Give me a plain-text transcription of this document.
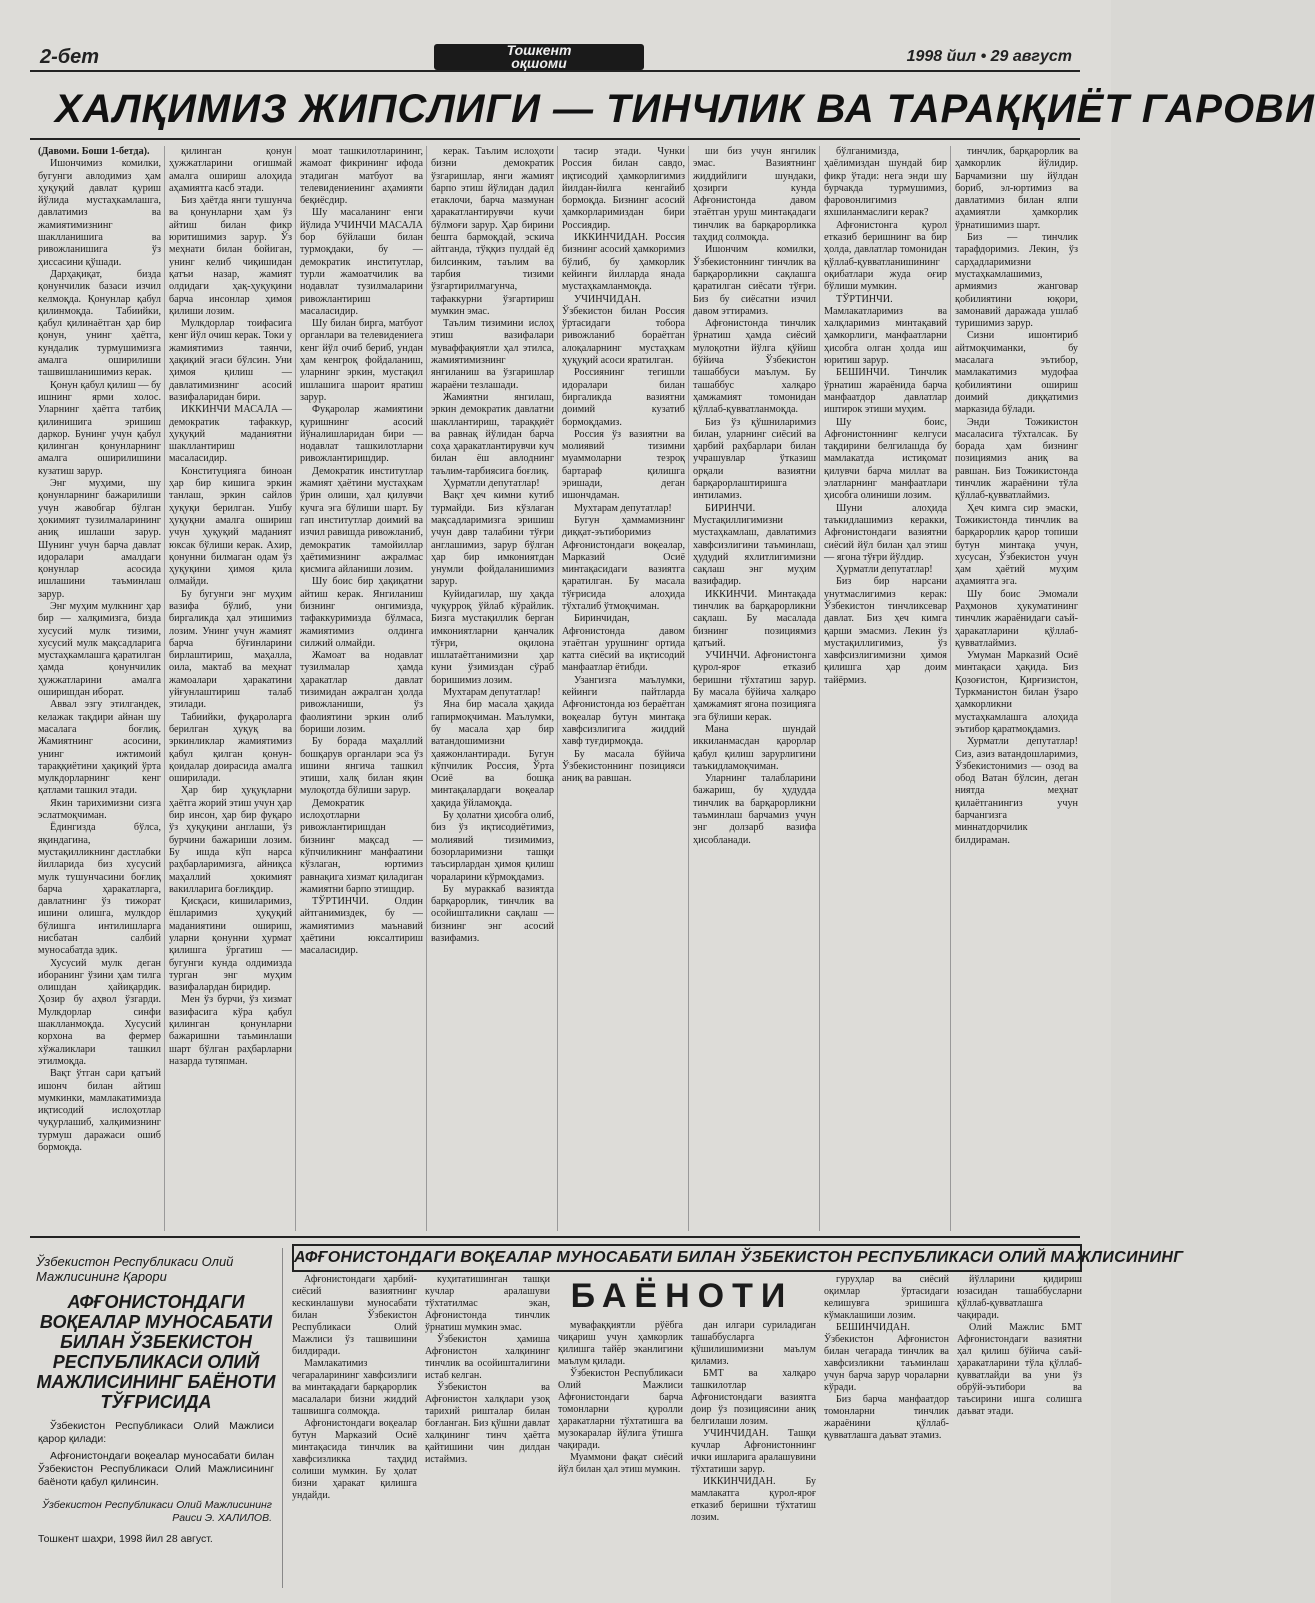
2-бет	Тошкент
оқшоми	1998 йил • 29 август
ХАЛҚИМИЗ ЖИПСЛИГИ — ТИНЧЛИК ВА ТАРАҚҚИЁТ ГАРОВИ

(Давоми. Боши 1-бетда).

Ишончимиз комилки, бугунги авлодимиз ҳам ҳуқуқий давлат қуриш йўлида мустаҳкамлашга, давлатимиз ва жамиятимизнинг шаклланишига ва ривожланишига ўз ҳиссасини қўшади.

Дарҳақиқат, бизда қонунчилик базаси изчил келмоқда. Қонунлар қабул қилинмоқда. Табиийки, қабул қилинаётган ҳар бир қонун, унинг ҳаётга, кундалик турмушимизга амалга оширилиши ташвишланишимиз керак.

Қонун қабул қилиш — бу ишнинг ярми холос. Уларнинг ҳаётга татбиқ қилинишига эришиш даркор. Бунинг учун қабул қилинган қонунларнинг амалга оширилишини кузатиш зарур.

Энг муҳими, шу қонунларнинг бажарилиши учун жавобгар бўлган ҳокимият тузилмаларининг аниқ ишлаши зарур. Шунинг учун барча давлат идоралари амалдаги қонунлар асосида ишлашини таъминлаш зарур.

Энг муҳим мулкнинг ҳар бир — халқимизга, бизда хусусий мулк тизими, хусусий мулк мақсадларига мустаҳкамлашга қаратилган ҳамда қонунчилик ҳужжатларини амалга оширишдан иборат.

Аввал эзгу этилгандек, келажак тақдири айнан шу масалага боғлиқ. Жамиятнинг асосини, унинг ижтимоий тараққиётини ҳақиқий ўрта мулкдорларнинг кенг қатлами ташкил этади.

Якин тарихимизни сизга эслатмоқчиман.

Ёдингизда бўлса, яқиндагина, мустақилликнинг дастлабки йилларида биз хусусий мулк тушунчасини боғлиқ барча ҳаракатларга, давлатнинг ўз тижорат ишини олишга, мулкдор бўлишга интилишларга нисбатан салбий муносабатда эдик.

Хусусий мулк деган иборанинг ўзини ҳам тилга олишдан ҳайиқардик. Ҳозир бу аҳвол ўзгарди. Мулкдорлар синфи шаклланмоқда. Хусусий корхона ва фермер хўжаликлари ташкил этилмоқда.

Вақт ўтган сари қатъий ишонч билан айтиш мумкинки, мамлакатимизда иқтисодий ислоҳотлар чуқурлашиб, халқимизнинг турмуш даражаси ошиб бормоқда.

қилинган қонун ҳужжатларини огишмай амалга ошириш алоҳида аҳамиятга касб этади.

Биз ҳаётда янги тушунча ва қонунларни ҳам ўз айтиш билан фикр юритишимиз зарур. Ўз меҳнати билан бойиган, унинг келиб чиқишидан қатъи назар, жамият олдидаги ҳақ-ҳуқуқини барча инсонлар ҳимоя қилиши лозим.

Мулкдорлар тоифасига кенг йўл очиш керак. Токи у жамиятимиз таянчи, ҳақиқий эгаси бўлсин. Уни ҳимоя қилиш — давлатимизнинг асосий вазифаларидан бири.

ИККИНЧИ МАСАЛА — демократик тафаккур, ҳуқуқий маданиятни шакллантириш масаласидир.

Конституцияга биноан ҳар бир кишига эркин танлаш, эркин сайлов ҳуқуқи берилган. Ушбу ҳуқуқни амалга ошириш учун ҳуқуқий маданият юксак бўлиши керак. Ахир, қонунни билмаган одам ўз ҳуқуқини ҳимоя қила олмайди.

Бу бугунги энг муҳим вазифа бўлиб, уни биргаликда ҳал этишимиз лозим. Унинг учун жамият барча бўғинларини бирлаштириш, маҳалла, оила, мактаб ва меҳнат жамоалари ҳаракатини уйғунлаштириш талаб этилади.

Табиийки, фуқароларга берилган ҳуқуқ ва эркинликлар жамиятимиз қабул қилган қонун-қоидалар доирасида амалга оширилади.

Ҳар бир ҳуқуқларни ҳаётга жорий этиш учун ҳар бир инсон, ҳар бир фуқаро ўз ҳуқуқини англаши, ўз бурчини бажариши лозим. Бу ишда кўп нарса раҳбарларимизга, айниқса маҳаллий ҳокимият вакилларига боғлиқдир.

Қисқаси, кишиларимиз, ёшларимиз ҳуқуқий маданиятини ошириш, уларни қонунни ҳурмат қилишга ўргатиш — бугунги кунда олдимизда турган энг муҳим вазифалардан биридир.

Мен ўз бурчи, ўз хизмат вазифасига кўра қабул қилинган қонунларни бажаришни таъминлаши шарт бўлган раҳбарларни назарда тутяпман.

моат ташкилотларининг, жамоат фикрининг ифода этадиган матбуот ва телевидениенинг аҳамияти беқиёсдир.

Шу масаланинг енги йўлида УЧИНЧИ МАСАЛА бор бўйлаши билан турмоқдаки, бу — демократик институтлар, турли жамоатчилик ва нодавлат тузилмаларини ривожлантириш масаласидир.

Шу билан бирга, матбуот органлари ва телевидениега кенг йўл очиб бериб, ундан ҳам кенгроқ фойдаланиш, уларнинг эркин, мустақил ишлашига шароит яратиш зарур.

Фуқаролар жамиятини қуришнинг асосий йўналишларидан бири — нодавлат ташкилотларни ривожлантиришдир.

Демократик институтлар жамият ҳаётини мустаҳкам ўрин олиши, ҳал қилувчи кучга эга бўлиши шарт. Бу гап институтлар доимий ва изчил равишда ривожланиб, демократик тамойиллар ҳаётимизнинг ажралмас қисмига айланиши лозим.

Шу боис бир ҳақиқатни айтиш керак. Янгиланиш бизнинг онгимизда, тафаккуримизда бўлмаса, жамиятимиз олдинга силжий олмайди.

Жамоат ва нодавлат тузилмалар ҳамда ҳаракатлар давлат тизимидан ажралган ҳолда ривожланиши, ўз фаолиятини эркин олиб бориши лозим.

Бу борада маҳаллий бошқарув органлари эса ўз ишини янгича ташкил этиши, халқ билан яқин мулоқотда бўлиши зарур.

Демократик ислоҳотларни ривожлантиришдан бизнинг мақсад — кўпчиликнинг манфаатини кўзлаган, юртимиз равнақига хизмат қиладиган жамиятни барпо этишдир.

ТЎРТИНЧИ. Олдин айтганимиздек, бу — жамиятимиз маънавий ҳаётини юксалтириш масаласидир.

керак. Таълим ислоҳоти бизни демократик ўзгаришлар, янги жамият барпо этиш йўлидан дадил етаклочи, барча мазмунан ҳаракатлантирувчи кучи бўлмоғи зарур. Ҳар бирини бешта бармоқдай, эскича айтганда, тўққиз пулдай ёд билсинким, таълим ва тарбия тизими ўзгартирилмагунча, тафаккурни ўзгартириш мумкин эмас.

Таълим тизимини ислоҳ этиш вазифалари муваффақиятли ҳал этилса, жамиятимизнинг янгиланиш ва ўзгаришлар жараёни тезлашади.

Жамиятни янгилаш, эркин демократик давлатни шакллантириш, тараққиёт ва равнақ йўлидан барча соҳа ҳаракатлантирувчи куч билан ёш авлоднинг таълим-тарбиясига боғлиқ.

Ҳурматли депутатлар!

Вақт ҳеч кимни кутиб турмайди. Биз кўзлаган мақсадларимизга эришиш учун давр талабини тўғри англашимиз, зарур бўлган ҳар бир имкониятдан унумли фойдаланишимиз зарур.

Куйидагилар, шу ҳақда чуқурроқ ўйлаб кўрайлик. Бизга мустақиллик берган имкониятларни қанчалик тўғри, оқилона ишлатаётганимизни ҳар куни ўзимиздан сўраб боришимиз лозим.

Мухтарам депутатлар!

Яна бир масала ҳақида гапирмоқчиман. Маълумки, бу масала ҳар бир ватандошимизни ҳаяжонлантиради. Бугун кўпчилик Россия, Ўрта Осиё ва бошқа минтақалардаги воқеалар ҳақида ўйламоқда.

Бу ҳолатни ҳисобга олиб, биз ўз иқтисодиётимиз, молиявий тизимимиз, бозорларимизни ташқи таъсирлардан ҳимоя қилиш чораларини кўрмоқдамиз.

Бу мураккаб вазиятда барқарорлик, тинчлик ва осойишталикни сақлаш — бизнинг энг асосий вазифамиз.

тасир этади. Чунки Россия билан савдо, иқтисодий ҳамкорлигимиз йилдан-йилга кенгайиб бормоқда. Бизнинг асосий ҳамкорларимиздан бири Россиядир.

ИККИНЧИДАН. Россия бизнинг асосий ҳамкоримиз бўлиб, бу ҳамкорлик кейинги йилларда янада мустаҳкамланмоқда.

УЧИНЧИДАН. Ўзбекистон билан Россия ўртасидаги тобора ривожланиб бораётган алоқаларнинг мустаҳкам ҳуқуқий асоси яратилган.

Россиянинг тегишли идоралари билан биргаликда вазиятни доимий кузатиб бормоқдамиз.

Россия ўз вазиятни ва молиявий тизимни муаммоларни тезроқ бартараф қилишга эришади, деган ишончдаман.

Мухтарам депутатлар!

Бугун ҳаммамизнинг диққат-эътиборимиз Афғонистондаги воқеалар, Марказий Осиё минтақасидаги вазиятга қаратилган. Бу масала тўғрисида алоҳида тўхталиб ўтмоқчиман.

Биринчидан, Афғонистонда давом этаётган урушнинг ортида катта сиёсий ва иқтисодий манфаатлар ётибди.

Узангизга маълумки, кейинги пайтларда Афғонистонда юз бераётган воқеалар бутун минтақа хавфсизлигига жиддий хавф туғдирмоқда.

Бу масала бўйича Ўзбекистоннинг позицияси аниқ ва равшан.

ши биз учун янгилик эмас. Вазиятнинг жиддийлиги шундаки, ҳозирги кунда Афғонистонда давом этаётган уруш минтақадаги тинчлик ва барқарорликка таҳдид солмоқда.

Ишончим комилки, Ўзбекистоннинг тинчлик ва барқарорликни сақлашга қаратилган сиёсати тўғри. Биз бу сиёсатни изчил давом эттирамиз.

Афғонистонда тинчлик ўрнатиш ҳамда сиёсий мулоқотни йўлга қўйиш бўйича Ўзбекистон ташаббуси маълум. Бу ташаббус халқаро ҳамжамият томонидан қўллаб-қувватланмоқда.

Биз ўз қўшниларимиз билан, уларнинг сиёсий ва ҳарбий раҳбарлари билан учрашувлар ўтказиш орқали вазиятни барқарорлаштиришга интиламиз.

БИРИНЧИ. Мустақиллигимизни мустаҳкамлаш, давлатимиз хавфсизлигини таъминлаш, ҳудудий яхлитлигимизни сақлаш энг муҳим вазифадир.

ИККИНЧИ. Минтақада тинчлик ва барқарорликни сақлаш. Бу масалада бизнинг позициямиз қатъий.

УЧИНЧИ. Афғонистонга қурол-яроғ етказиб беришни тўхтатиш зарур. Бу масала бўйича халқаро ҳамжамият ягона позицияга эга бўлиши керак.

Мана шундай иккиланмасдан қарорлар қабул қилиш зарурлигини таъкидламоқчиман.

Уларнинг талабларини бажариш, бу ҳудудда тинчлик ва барқарорликни таъминлаш барчамиз учун энг долзарб вазифа ҳисобланади.

бўлганимизда, ҳаёлимиздан шундай бир фикр ўтади: нега энди шу бурчакда турмушимиз, фаровонлигимиз яхшиланмаслиги керак?

Афғонистонга қурол етказиб беришнинг ва бир ҳолда, давлатлар томонидан қўллаб-қувватланишининг оқибатлари жуда оғир бўлиши мумкин.

ТЎРТИНЧИ. Мамлакатларимиз ва халқларимиз минтақавий ҳамкорлиги, манфаатларни ҳисобга олган ҳолда иш юритиш зарур.

БЕШИНЧИ. Тинчлик ўрнатиш жараёнида барча манфаатдор давлатлар иштирок этиши муҳим.

Шу боис, Афғонистоннинг келгуси тақдирини белгилашда бу мамлакатда истиқомат қилувчи барча миллат ва элатларнинг манфаатлари ҳисобга олиниши лозим.

Шуни алоҳида таъкидлашимиз керакки, Афғонистондаги вазиятни сиёсий йўл билан ҳал этиш — ягона тўғри йўлдир.

Ҳурматли депутатлар!

Биз бир нарсани унутмаслигимиз керак: Ўзбекистон тинчликсевар давлат. Биз ҳеч кимга қарши эмасмиз. Лекин ўз мустақиллигимиз, ўз хавфсизлигимизни ҳимоя қилишга ҳар доим тайёрмиз.

тинчлик, барқарорлик ва ҳамкорлик йўлидир. Барчамизни шу йўлдан бориб, эл-юртимиз ва давлатимиз билан ялпи аҳамиятли ҳамкорлик ўрнатишимиз шарт.

Биз — тинчлик тарафдоримиз. Лекин, ўз сарҳадларимизни мустаҳкамлашимиз, армиямиз жанговар қобилиятини юқори, замонавий даражада ушлаб туришимиз зарур.

Сизни ишонтириб айтмоқчиманки, бу масалага эътибор, мамлакатимиз мудофаа қобилиятини ошириш доимий диққатимиз марказида бўлади.

Энди Тожикистон масаласига тўхталсак. Бу борада ҳам бизнинг позициямиз аниқ ва равшан. Биз Тожикистонда тинчлик жараёнини тўла қўллаб-қувватлаймиз.

Ҳеч кимга сир эмаски, Тожикистонда тинчлик ва барқарорлик қарор топиши бутун минтақа учун, хусусан, Ўзбекистон учун ҳам ҳаётий муҳим аҳамиятга эга.

Шу боис Эмомали Раҳмонов ҳукуматининг тинчлик жараёнидаги саъй-ҳаракатларини қўллаб-қувватлаймиз.

Умуман Марказий Осиё минтақаси ҳақида. Биз Қозоғистон, Қирғизистон, Туркманистон билан ўзаро ҳамкорликни мустаҳкамлашга алоҳида эътибор қаратмоқдамиз.

Хурматли депутатлар! Сиз, азиз ватандошларимиз, Ўзбекистонимиз — озод ва обод Ватан бўлсин, деган ниятда меҳнат қилаётганингиз учун барчангизга миннатдорчилик билдираман.

Ўзбекистон Республикаси Олий Мажлисининг Қарори
АФҒОНИСТОНДАГИ ВОҚЕАЛАР МУНОСАБАТИ БИЛАН ЎЗБЕКИСТОН РЕСПУБЛИКАСИ ОЛИЙ МАЖЛИСИНИНГ БАЁНОТИ ТЎҒРИСИДА

Ўзбекистон Республикаси Олий Мажлиси қарор қилади:

Афғонистондаги воқеалар муносабати билан Ўзбекистон Республикаси Олий Мажлисининг баёноти қабул қилинсин.

Ўзбекистон Республикаси Олий Мажлисининг Раиси Э. ХАЛИЛОВ.
Тошкент шаҳри, 1998 йил 28 август.
АФҒОНИСТОНДАГИ ВОҚЕАЛАР МУНОСАБАТИ БИЛАН ЎЗБЕКИСТОН РЕСПУБЛИКАСИ ОЛИЙ МАЖЛИСИНИНГ

Афғонистондаги ҳарбий-сиёсий вазиятнинг кескинлашуви муносабати билан Ўзбекистон Республикаси Олий Мажлиси ўз ташвишини билдиради.

Мамлакатимиз чегараларининг хавфсизлиги ва минтақадаги барқарорлик масалалари бизни жиддий ташвишга солмоқда.

Афғонистондаги воқеалар бутун Марказий Осиё минтақасида тинчлик ва хавфсизликка таҳдид солиши мумкин. Бу ҳолат бизни ҳаракат қилишга ундайди.

куҳитатишинган ташқи кучлар аралашуви тўхтатилмас экан, Афғонистонда тинчлик ўрнатиш мумкин эмас.

Ўзбекистон ҳамиша Афғонистон халқининг тинчлик ва осойишталигини истаб келган.

Ўзбекистон ва Афғонистон халқлари узоқ тарихий ришталар билан боғланган. Биз қўшни давлат халқининг тинч ҳаётга қайтишини чин дилдан истаймиз.

мувафаққиятли рўёбга чиқариш учун ҳамкорлик қилишга тайёр эканлигини маълум қилади.

Ўзбекистон Республикаси Олий Мажлиси Афғонистондаги барча томонларни қуролли ҳаракатларни тўхтатишга ва музокаралар йўлига ўтишга чақиради.

Муаммони фақат сиёсий йўл билан ҳал этиш мумкин.

дан илгари суриладиган ташаббусларга қўшилишимизни маълум қиламиз.

БМТ ва халқаро ташкилотлар Афғонистондаги вазиятга доир ўз позициясини аниқ белгилаши лозим.

УЧИНЧИДАН. Ташқи кучлар Афғонистоннинг ички ишларига аралашувини тўхтатиши зарур.

ИККИНЧИДАН. Бу мамлакатга қурол-яроғ етказиб беришни тўхтатиш лозим.

гуруҳлар ва сиёсий оқимлар ўртасидаги келишувга эришишга кўмаклашиши лозим.

БЕШИНЧИДАН. Ўзбекистон Афғонистон билан чегарада тинчлик ва хавфсизликни таъминлаш учун барча зарур чораларни кўради.

Биз барча манфаатдор томонларни тинчлик жараёнини қўллаб-қувватлашга даъват этамиз.

йўлларини қидириш юзасидан ташаббусларни қўллаб-қувватлашга чақиради.

Олий Мажлис БМТ Афғонистондаги вазиятни ҳал қилиш бўйича саъй-ҳаракатларини тўла қўллаб-қувватлайди ва уни ўз обрўй-эътибори ва таъсирини ишга солишга даъват этади.

БАЁНОТИ
